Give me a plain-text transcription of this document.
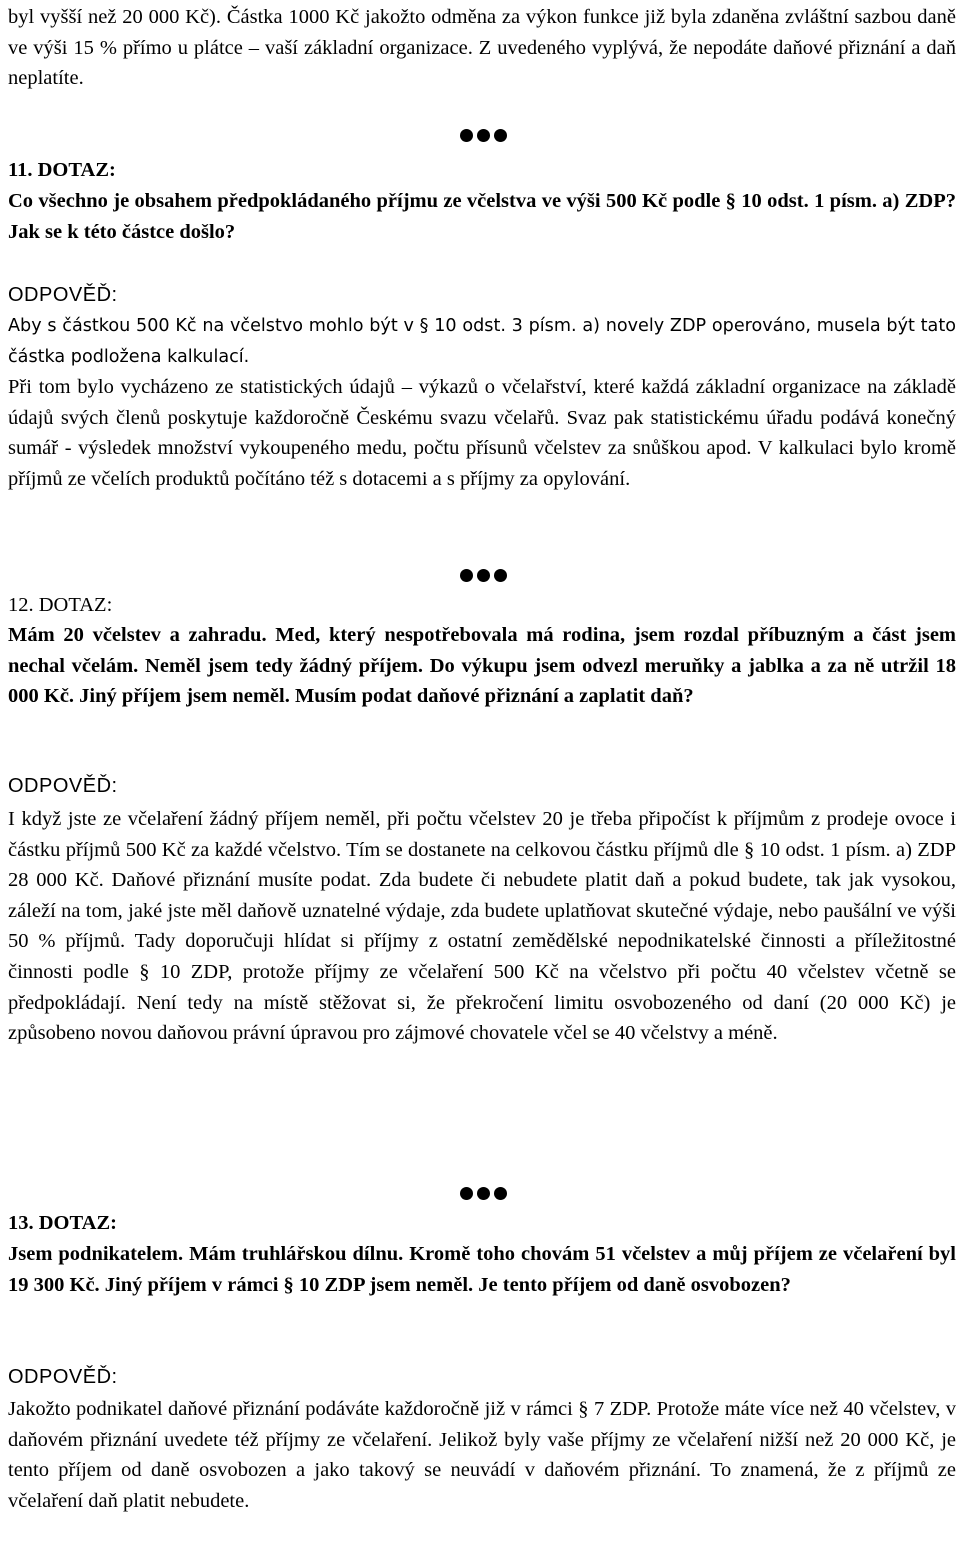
byl vyšší než 20 000 Kč). Částka 1000 Kč jakožto odměna za výkon funkce již byla zdaněna zvláštní sazbou daně ve výši 15 % přímo u plátce – vaší základní organizace. Z uvedeného vyplývá, že nepodáte daňové přiznání a daň neplatíte.

11. DOTAZ:

Co všechno je obsahem předpokládaného příjmu ze včelstva ve výši 500 Kč podle § 10 odst. 1 písm. a) ZDP? Jak se k této částce došlo?

ODPOVĚĎ:

Aby s částkou 500 Kč na včelstvo mohlo být v § 10 odst. 3 písm. a) novely ZDP operováno, musela být tato částka podložena kalkulací.

Při tom bylo vycházeno ze statistických údajů – výkazů o včelařství, které každá základní organizace na základě údajů svých členů poskytuje každoročně Českému svazu včelařů. Svaz pak statistickému úřadu podává konečný sumář - výsledek množství vykoupeného medu, počtu přísunů včelstev za snůškou apod. V kalkulaci bylo kromě příjmů ze včelích produktů počítáno též s dotacemi a s příjmy za opylování.

12. DOTAZ:

Mám 20 včelstev a zahradu. Med, který nespotřebovala má rodina, jsem rozdal příbuzným a část jsem nechal včelám. Neměl jsem tedy žádný příjem. Do výkupu jsem odvezl meruňky a jablka a za ně utržil 18 000 Kč. Jiný příjem jsem neměl. Musím podat daňové přiznání a zaplatit daň?

ODPOVĚĎ:

I když jste ze včelaření žádný příjem neměl, při počtu včelstev 20 je třeba připočíst k příjmům z prodeje ovoce i částku příjmů 500 Kč za každé včelstvo. Tím se dostanete na celkovou částku příjmů dle § 10 odst. 1 písm. a) ZDP 28 000 Kč. Daňové přiznání musíte podat. Zda budete či nebudete platit daň a pokud budete, tak jak vysokou, záleží na tom, jaké jste měl daňově uznatelné výdaje, zda budete uplatňovat skutečné výdaje, nebo paušální ve výši 50 % příjmů. Tady doporučuji hlídat si příjmy z ostatní zemědělské nepodnikatelské činnosti a příležitostné činnosti podle § 10 ZDP, protože příjmy ze včelaření 500 Kč na včelstvo při počtu 40 včelstev včetně se předpokládají. Není tedy na místě stěžovat si, že překročení limitu osvobozeného od daní (20 000 Kč) je způsobeno novou daňovou právní úpravou pro zájmové chovatele včel se 40 včelstvy a méně.

13. DOTAZ:

Jsem podnikatelem. Mám truhlářskou dílnu. Kromě toho chovám 51 včelstev a můj příjem ze včelaření byl 19 300 Kč. Jiný příjem v rámci § 10 ZDP jsem neměl. Je tento příjem od daně osvobozen?

ODPOVĚĎ:

Jakožto podnikatel daňové přiznání podáváte každoročně již v rámci § 7 ZDP. Protože máte více než 40 včelstev, v daňovém přiznání uvedete též příjmy ze včelaření. Jelikož byly vaše příjmy ze včelaření nižší než 20 000 Kč, je tento příjem od daně osvobozen a jako takový se neuvádí v daňovém přiznání. To znamená, že z příjmů ze včelaření daň platit nebudete.
